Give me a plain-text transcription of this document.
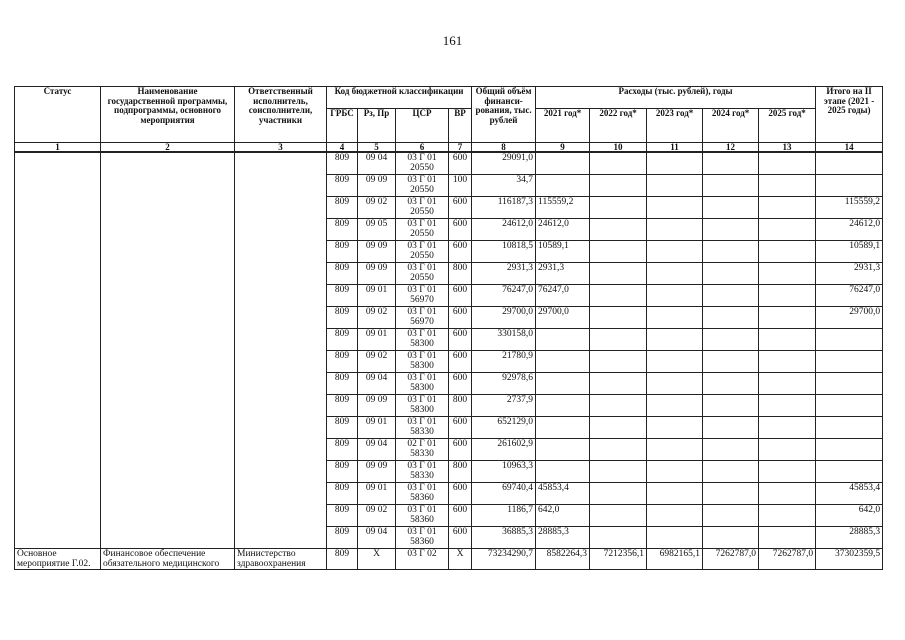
161
Статус	Наименование государственной программы, подпрограммы, основного мероприятия	Ответственный исполнитель, соисполнители, участники	Код бюджетной классификации				Общий объём финанси-рования, тыс. рублей	Расходы (тыс. рублей), годы					Итого на II этапе (2021 - 2025 годы)
			ГРБС	Рз, Пр	ЦСР	ВР		2021 год*	2022 год*	2023 год*	2024 год*	2025 год*	
1	2	3	4	5	6	7	8	9	10	11	12	13	14
			809	09 04	03 Г 01 20550	600	29091,0						
			809	09 09	03 Г 01 20550	100	34,7						
			809	09 02	03 Г 01 20550	600	116187,3	115559,2					115559,2
			809	09 05	03 Г 01 20550	600	24612,0	24612,0					24612,0
			809	09 09	03 Г 01 20550	600	10818,5	10589,1					10589,1
			809	09 09	03 Г 01 20550	800	2931,3	2931,3					2931,3
			809	09 01	03 Г 01 56970	600	76247,0	76247,0					76247,0
			809	09 02	03 Г 01 56970	600	29700,0	29700,0					29700,0
			809	09 01	03 Г 01 58300	600	330158,0						
			809	09 02	03 Г 01 58300	600	21780,9						
			809	09 04	03 Г 01 58300	600	92978,6						
			809	09 09	03 Г 01 58300	800	2737,9						
			809	09 01	03 Г 01 58330	600	652129,0						
			809	09 04	02 Г 01 58330	600	261602,9						
			809	09 09	03 Г 01 58330	800	10963,3						
			809	09 01	03 Г 01 58360	600	69740,4	45853,4					45853,4
			809	09 02	03 Г 01 58360	600	1186,7	642,0					642,0
			809	09 04	03 Г 01 58360	600	36885,3	28885,3					28885,3
Основное мероприятие Г.02.	Финансовое обеспечение обязательного медицинского	Министерство здравоохранения	809	X	03 Г 02	X	73234290,7	8582264,3	7212356,1	6982165,1	7262787,0	7262787,0	37302359,5
